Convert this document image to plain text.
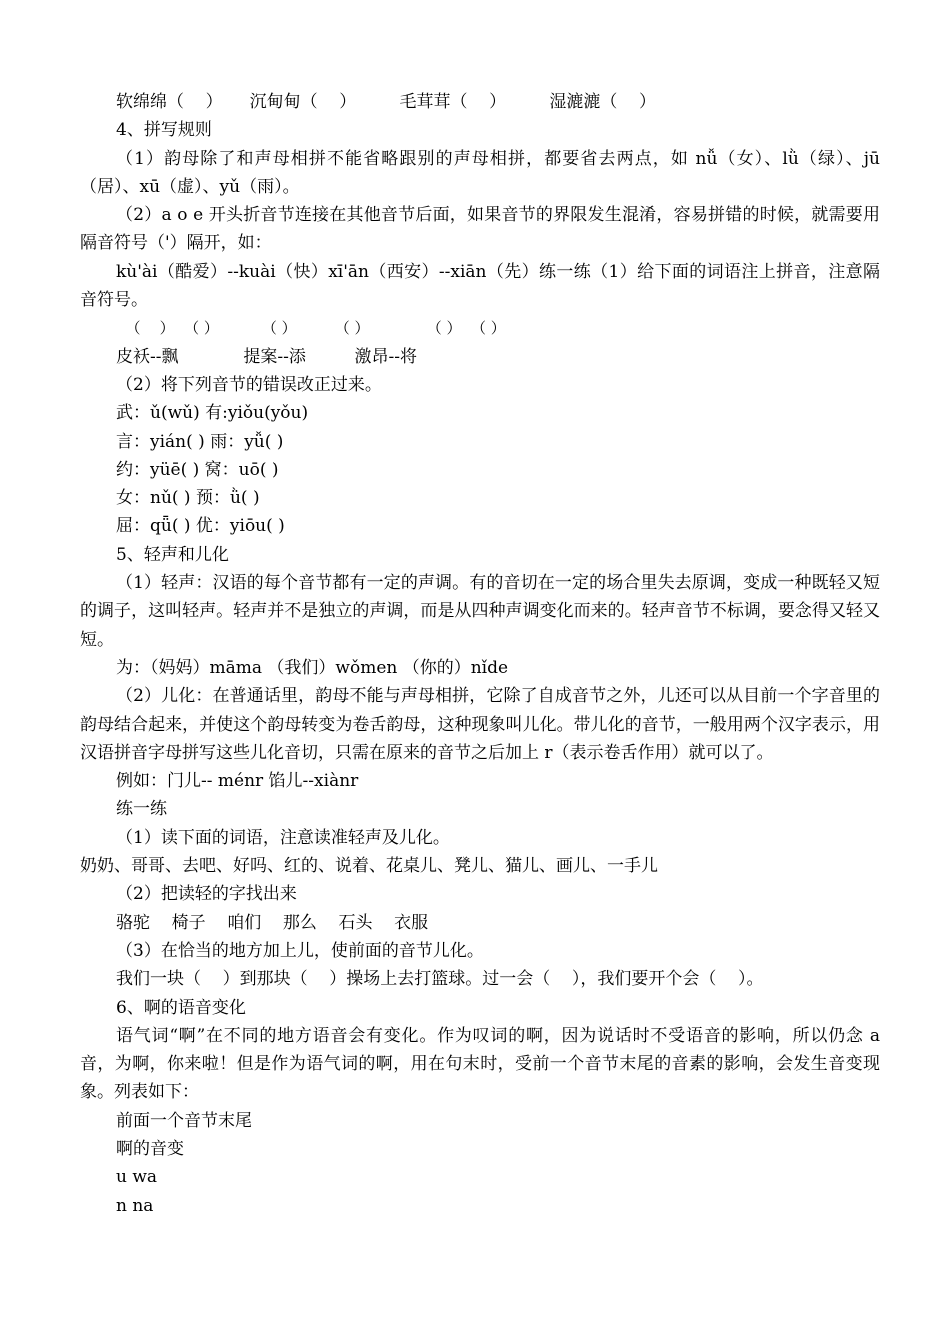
软绵绵（    ）     沉甸甸（    ）        毛茸茸（    ）        湿漉漉（    ）

4、拼写规则

（1）韵母除了和声母相拼不能省略跟别的声母相拼，都要省去两点，如 nǚ（女）、lǜ（绿）、jū（居）、xū（虚）、yǔ（雨）。

（2）a o e 开头折音节连接在其他音节后面，如果音节的界限发生混淆，容易拼错的时候，就需要用隔音符号（'）隔开，如：

kù'ài（酷爱）--kuài（快）xī'ān（西安）--xiān（先）练一练（1）给下面的词语注上拼音，注意隔音符号。

（    ）  （ ）         （ ）        （ ）            （ ）  （ ）

皮袄--飘            提案--添         激昂--将

（2）将下列音节的错误改正过来。

武：ǔ(wǔ) 有:yiǒu(yǒu)

言：yián( ) 雨：yǚ( )

约：yüē( ) 窝：uō( )

女：nǔ( ) 预：ǜ( )

屈：qǖ( ) 优：yiōu( )

5、轻声和儿化

（1）轻声：汉语的每个音节都有一定的声调。有的音切在一定的场合里失去原调，变成一种既轻又短的调子，这叫轻声。轻声并不是独立的声调，而是从四种声调变化而来的。轻声音节不标调，要念得又轻又短。

为：（妈妈）māma （我们）wǒmen （你的）nǐde

（2）儿化：在普通话里，韵母不能与声母相拼，它除了自成音节之外，儿还可以从目前一个字音里的韵母结合起来，并使这个韵母转变为卷舌韵母，这种现象叫儿化。带儿化的音节，一般用两个汉字表示，用汉语拼音字母拼写这些儿化音切，只需在原来的音节之后加上 r（表示卷舌作用）就可以了。

例如：门儿-- ménr 馅儿--xiànr

练一练

（1）读下面的词语，注意读准轻声及儿化。

奶奶、哥哥、去吧、好吗、红的、说着、花桌儿、凳儿、猫儿、画儿、一手儿

（2）把读轻的字找出来

骆驼    椅子    咱们    那么    石头    衣服

（3）在恰当的地方加上儿，使前面的音节儿化。

我们一块（    ）到那块（    ）操场上去打篮球。过一会（    ），我们要开个会（    ）。

6、啊的语音变化

语气词“啊”在不同的地方语音会有变化。作为叹词的啊，因为说话时不受语音的影响，所以仍念 a 音，为啊，你来啦！但是作为语气词的啊，用在句末时，受前一个音节末尾的音素的影响，会发生音变现象。列表如下：

前面一个音节末尾

啊的音变

u wa

n na
